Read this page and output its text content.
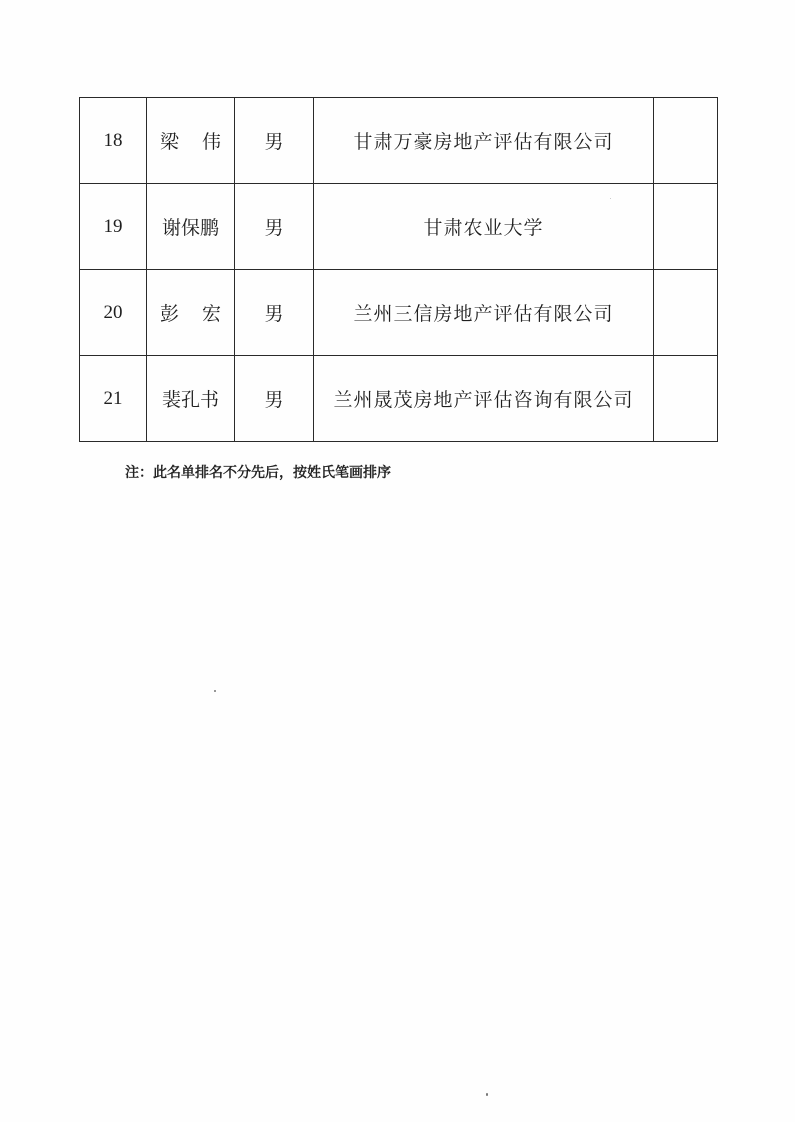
18	梁 伟	男	甘肃万豪房地产评估有限公司	
19	谢保鹏	男	甘肃农业大学	
20	彭 宏	男	兰州三信房地产评估有限公司	
21	裴孔书	男	兰州晟茂房地产评估咨询有限公司	
注：此名单排名不分先后，按姓氏笔画排序
